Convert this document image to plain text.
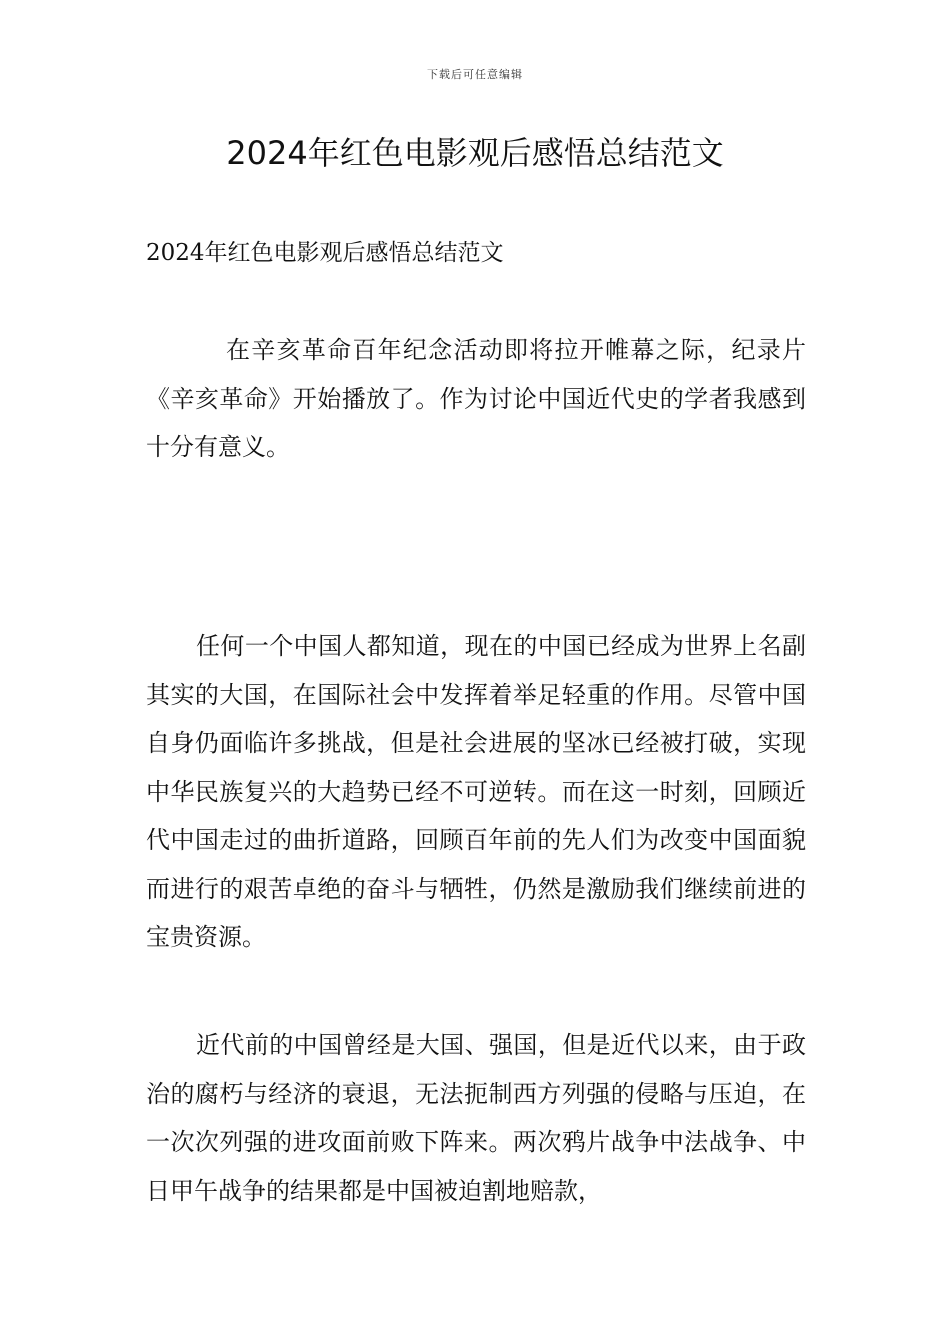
下载后可任意编辑
2024年红色电影观后感悟总结范文

2024年红色电影观后感悟总结范文

在辛亥革命百年纪念活动即将拉开帷幕之际，纪录片《辛亥革命》开始播放了。作为讨论中国近代史的学者我感到十分有意义。

任何一个中国人都知道，现在的中国已经成为世界上名副其实的大国，在国际社会中发挥着举足轻重的作用。尽管中国自身仍面临许多挑战，但是社会进展的坚冰已经被打破，实现中华民族复兴的大趋势已经不可逆转。而在这一时刻，回顾近代中国走过的曲折道路，回顾百年前的先人们为改变中国面貌而进行的艰苦卓绝的奋斗与牺牲，仍然是激励我们继续前进的宝贵资源。

近代前的中国曾经是大国、强国，但是近代以来，由于政治的腐朽与经济的衰退，无法扼制西方列强的侵略与压迫，在一次次列强的进攻面前败下阵来。两次鸦片战争中法战争、中日甲午战争的结果都是中国被迫割地赔款，
